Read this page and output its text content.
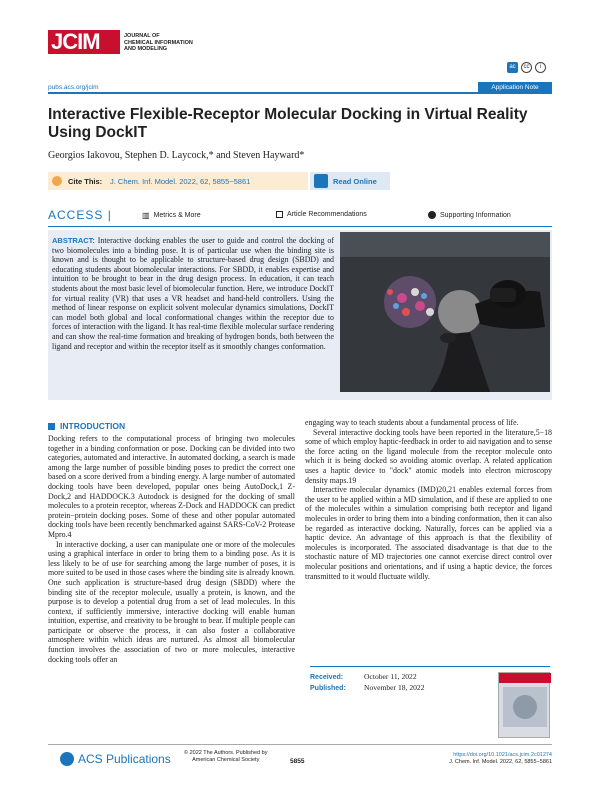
JCIM	JOURNAL OF
CHEMICAL INFORMATION
AND MODELING
ac	cc	i
pubs.acs.org/jcim	Application Note
Interactive Flexible-Receptor Molecular Docking in Virtual Reality Using DockIT
Georgios Iakovou, Stephen D. Laycock,* and Steven Hayward*
Cite This: J. Chem. Inf. Model. 2022, 62, 5855−5861	Read Online
ACCESS |	▥ Metrics & More	Article Recommendations	Supporting Information
ABSTRACT: Interactive docking enables the user to guide and control the docking of two biomolecules into a binding pose. It is of particular use when the binding site is known and is thought to be applicable to structure-based drug design (SBDD) and educating students about biomolecular interactions. For SBDD, it enables expertise and intuition to be brought to bear in the drug design process. In education, it can teach students about the most basic level of biomolecular function. Here, we introduce DockIT for virtual reality (VR) that uses a VR headset and hand-held controllers. Using the method of linear response on explicit solvent molecular dynamics simulations, DockIT can model both global and local conformational changes within the receptor due to forces of interaction with the ligand. It has real-time flexible molecular surface rendering and can show the real-time formation and breaking of hydrogen bonds, both between the ligand and receptor and within the receptor itself as it smoothly changes conformation.
INTRODUCTION

Docking refers to the computational process of bringing two molecules together in a binding conformation or pose. Docking can be divided into two categories, automated and interactive. In automated docking, a search is made among the large number of possible binding poses to predict the correct one based on a score derived from a binding energy. A large number of automated docking tools have been developed, popular ones being AutoDock,1 Z-Dock,2 and HADDOCK.3 Autodock is designed for the docking of small molecules to a protein receptor, whereas Z-Dock and HADDOCK can predict protein−protein docking poses. Some of these and other popular automated docking tools have been recently benchmarked against SARS-CoV-2 Protease Mpro.4

In interactive docking, a user can manipulate one or more of the molecules using a graphical interface in order to bring them to a binding pose. As it is less likely to be of use for searching among the large number of poses, it is more suited to be used in those cases where the binding site is already known. One such application is structure-based drug design (SBDD) where the binding site of the receptor molecule, usually a protein, is known, and the purpose is to develop a potential drug from a set of lead molecules. In this context, if sufficiently immersive, interactive docking will enable human intuition, expertise, and creativity to be brought to bear. If multiple people can participate or observe the process, it can also foster a collaborative atmosphere within which ideas are nurtured. As almost all biomolecular function involves the association of two or more molecules, interactive docking tools offer an

engaging way to teach students about a fundamental process of life.

Several interactive docking tools have been reported in the literature,5−18 some of which employ haptic-feedback in order to aid navigation and to sense the force acting on the ligand molecule from the receptor molecule onto which it is being docked so avoiding atomic overlap. A related application uses a haptic device to "dock" atomic models into electron microscopy density maps.19

Interactive molecular dynamics (IMD)20,21 enables external forces from the user to be applied within a MD simulation, and if these are applied to one of the molecules within a simulation comprising both receptor and ligand molecules in order to bring them into a binding conformation, then it can also be regarded as interactive docking. Naturally, forces can be applied via a haptic device. An advantage of this approach is that the flexibility of molecules is incorporated. The associated disadvantage is that due to the stochastic nature of MD trajectories one cannot exercise direct control over molecular positions and orientations, and if using a haptic device, the forces transmitted to it would fluctuate wildly.

Received:	October 11, 2022
Published: November 18, 2022
ACS Publications © 2022 The Authors. Published by
American Chemical Society	5855
https://doi.org/10.1021/acs.jcim.2c01274
J. Chem. Inf. Model. 2022, 62, 5855−5861
